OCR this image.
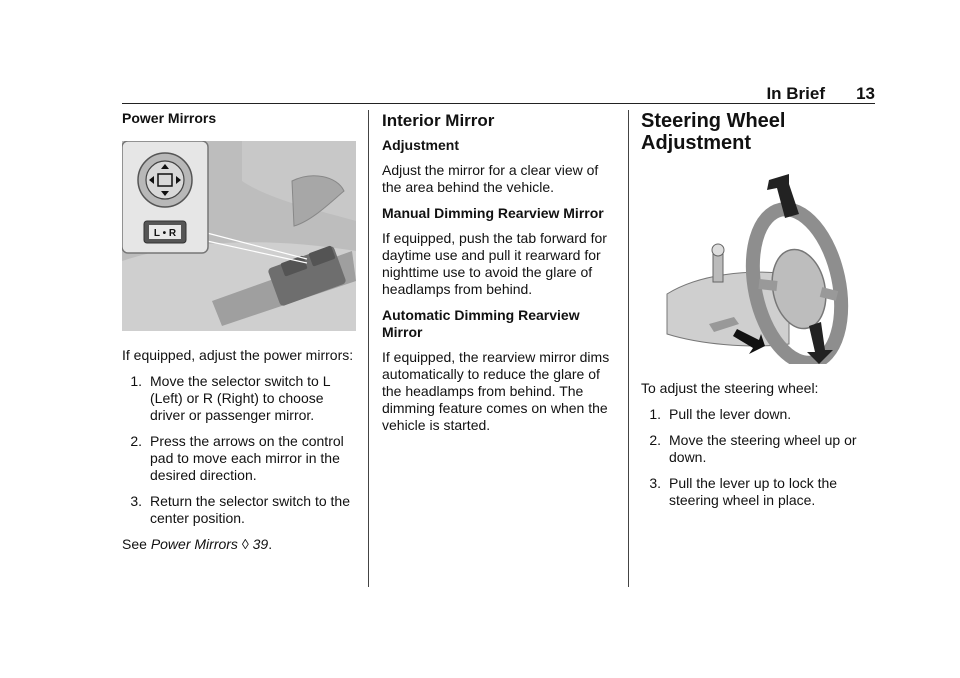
In Brief 13
Power Mirrors
L • R

If equipped, adjust the power mirrors:

1. Move the selector switch to L (Left) or R (Right) to choose driver or passenger mirror.
2. Press the arrows on the control pad to move each mirror in the desired direction.
3. Return the selector switch to the center position.

See Power Mirrors ◊ 39.

Interior Mirror
Adjustment

Adjust the mirror for a clear view of the area behind the vehicle.

Manual Dimming Rearview Mirror

If equipped, push the tab forward for daytime use and pull it rearward for nighttime use to avoid the glare of headlamps from behind.

Automatic Dimming Rearview Mirror

If equipped, the rearview mirror dims automatically to reduce the glare of the headlamps from behind. The dimming feature comes on when the vehicle is started.

Steering Wheel Adjustment

To adjust the steering wheel:

1. Pull the lever down.
2. Move the steering wheel up or down.
3. Pull the lever up to lock the steering wheel in place.
